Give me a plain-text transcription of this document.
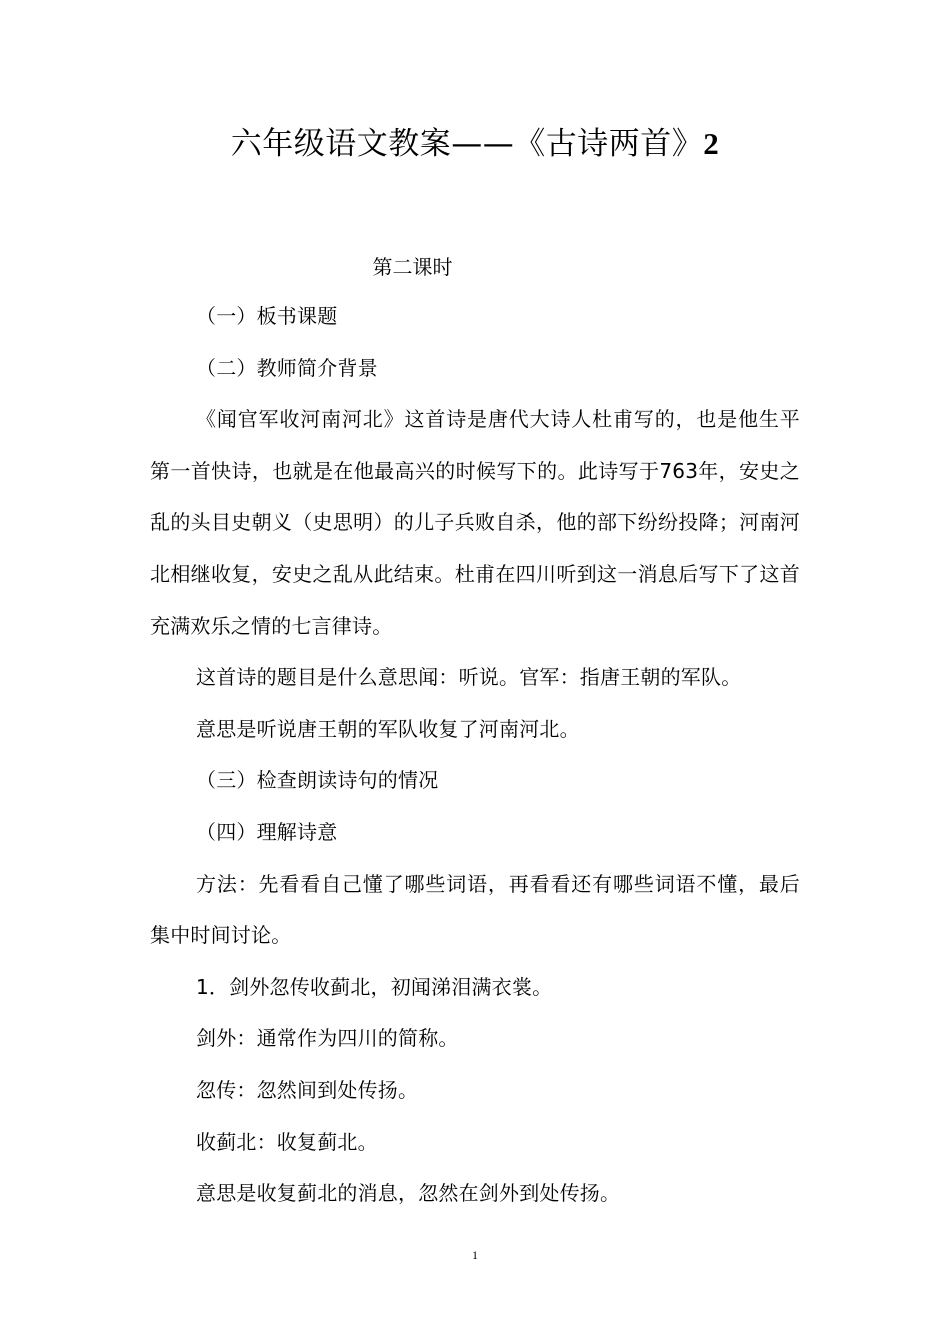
六年级语文教案——《古诗两首》2
第二课时

（一）板书课题

（二）教师简介背景

《闻官军收河南河北》这首诗是唐代大诗人杜甫写的，也是他生平第一首快诗，也就是在他最高兴的时候写下的。此诗写于763年，安史之乱的头目史朝义（史思明）的儿子兵败自杀，他的部下纷纷投降；河南河北相继收复，安史之乱从此结束。杜甫在四川听到这一消息后写下了这首充满欢乐之情的七言律诗。

这首诗的题目是什么意思闻：听说。官军：指唐王朝的军队。

意思是听说唐王朝的军队收复了河南河北。

（三）检查朗读诗句的情况

（四）理解诗意

方法：先看看自己懂了哪些词语，再看看还有哪些词语不懂，最后集中时间讨论。

1．剑外忽传收蓟北，初闻涕泪满衣裳。

剑外：通常作为四川的简称。

忽传：忽然间到处传扬。

收蓟北：收复蓟北。

意思是收复蓟北的消息，忽然在剑外到处传扬。

1
